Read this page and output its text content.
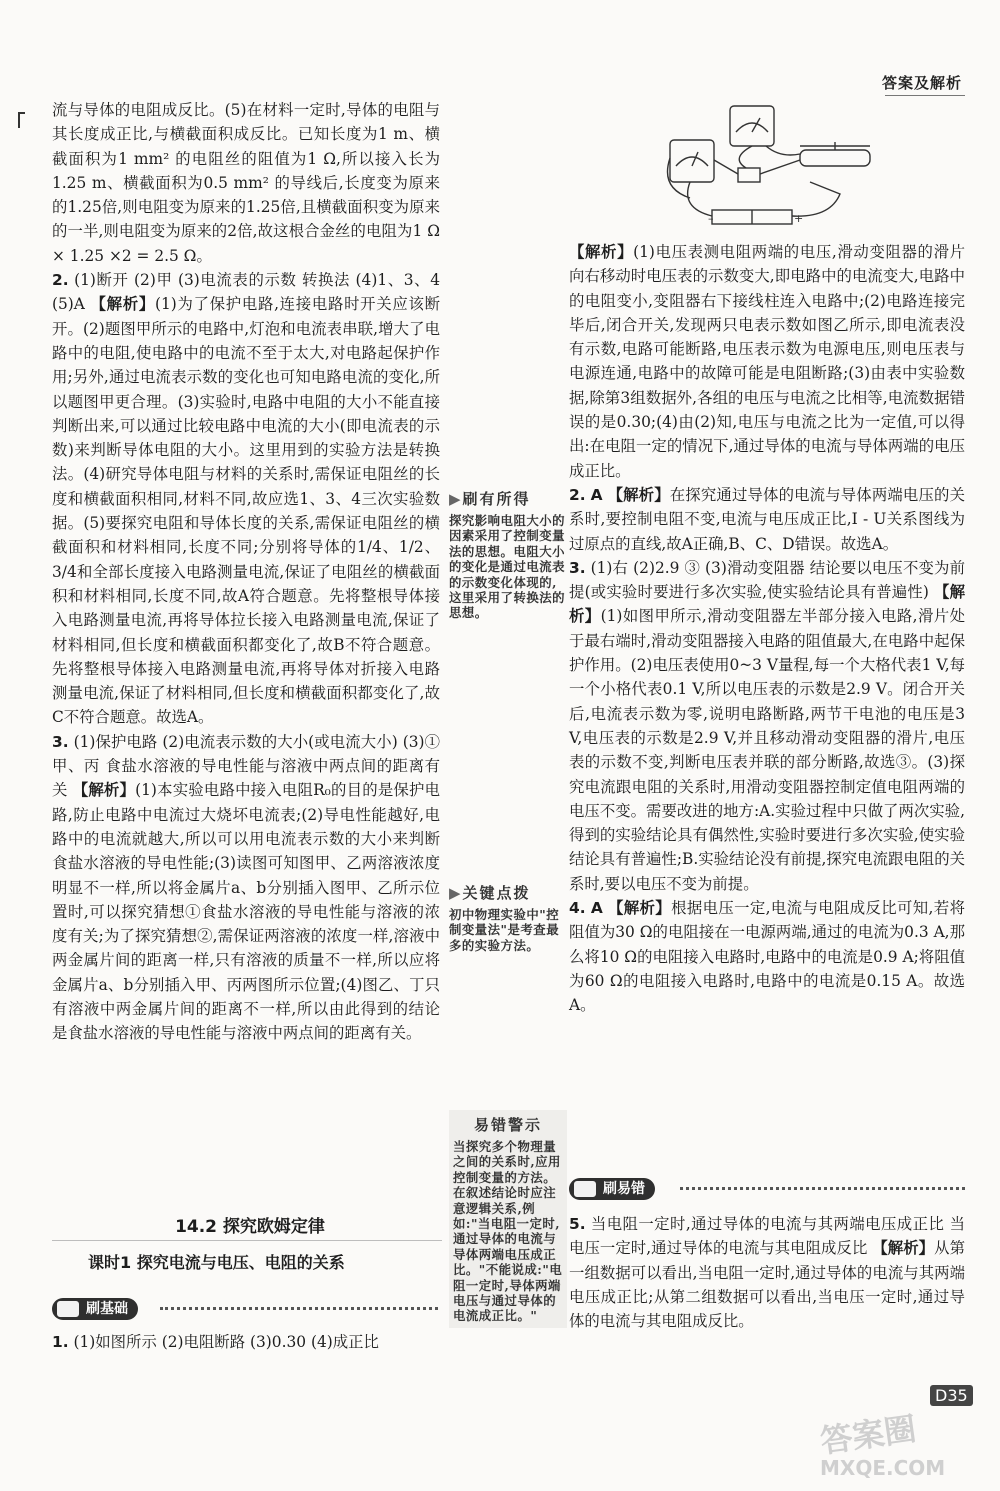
答案及解析

流与导体的电阻成反比。(5)在材料一定时,导体的电阻与其长度成正比,与横截面积成反比。已知长度为1 m、横截面积为1 mm² 的电阻丝的阻值为1 Ω,所以接入长为1.25 m、横截面积为0.5 mm² 的导线后,长度变为原来的1.25倍,则电阻变为原来的1.25倍,且横截面积变为原来的一半,则电阻变为原来的2倍,故这根合金丝的电阻为1 Ω × 1.25 ×2 = 2.5 Ω。

2. (1)断开 (2)甲 (3)电流表的示数 转换法 (4)1、3、4 (5)A 【解析】(1)为了保护电路,连接电路时开关应该断开。(2)题图甲所示的电路中,灯泡和电流表串联,增大了电路中的电阻,使电路中的电流不至于太大,对电路起保护作用;另外,通过电流表示数的变化也可知电路电流的变化,所以题图甲更合理。(3)实验时,电路中电阻的大小不能直接判断出来,可以通过比较电路中电流的大小(即电流表的示数)来判断导体电阻的大小。这里用到的实验方法是转换法。(4)研究导体电阻与材料的关系时,需保证电阻丝的长度和横截面积相同,材料不同,故应选1、3、4三次实验数据。(5)要探究电阻和导体长度的关系,需保证电阻丝的横截面积和材料相同,长度不同;分别将导体的1/4、1/2、3/4和全部长度接入电路测量电流,保证了电阻丝的横截面积和材料相同,长度不同,故A符合题意。先将整根导体接入电路测量电流,再将导体拉长接入电路测量电流,保证了材料相同,但长度和横截面积都变化了,故B不符合题意。先将整根导体接入电路测量电流,再将导体对折接入电路测量电流,保证了材料相同,但长度和横截面积都变化了,故C不符合题意。故选A。

3. (1)保护电路 (2)电流表示数的大小(或电流大小) (3)① 甲、丙 食盐水溶液的导电性能与溶液中两点间的距离有关 【解析】(1)本实验电路中接入电阻R₀的目的是保护电路,防止电路中电流过大烧坏电流表;(2)导电性能越好,电路中的电流就越大,所以可以用电流表示数的大小来判断食盐水溶液的导电性能;(3)读图可知图甲、乙两溶液浓度明显不一样,所以将金属片a、b分别插入图甲、乙所示位置时,可以探究猜想①食盐水溶液的导电性能与溶液的浓度有关;为了探究猜想②,需保证两溶液的浓度一样,溶液中两金属片间的距离一样,只有溶液的质量不一样,所以应将金属片a、b分别插入甲、丙两图所示位置;(4)图乙、丁只有溶液中两金属片间的距离不一样,所以由此得到的结论是食盐水溶液的导电性能与溶液中两点间的距离有关。

14.2 探究欧姆定律
课时1 探究电流与电压、电阻的关系
刷基础

1. (1)如图所示 (2)电阻断路 (3)0.30 (4)成正比

▶刷有所得
探究影响电阻大小的因素采用了控制变量法的思想。电阻大小的变化是通过电流表的示数变化体现的,这里采用了转换法的思想。
▶关键点拨
初中物理实验中"控制变量法"是考查最多的实验方法。
易错警示
当探究多个物理量之间的关系时,应用控制变量的方法。在叙述结论时应注意逻辑关系,例如:"当电阻一定时,通过导体的电流与导体两端电压成正比。"不能说成:"电阻一定时,导体两端电压与通过导体的电流成正比。"
–	+

【解析】(1)电压表测电阻两端的电压,滑动变阻器的滑片向右移动时电压表的示数变大,即电路中的电流变大,电路中的电阻变小,变阻器右下接线柱连入电路中;(2)电路连接完毕后,闭合开关,发现两只电表示数如图乙所示,即电流表没有示数,电路可能断路,电压表示数为电源电压,则电压表与电源连通,电路中的故障可能是电阻断路;(3)由表中实验数据,除第3组数据外,各组的电压与电流之比相等,电流数据错误的是0.30;(4)由(2)知,电压与电流之比为一定值,可以得出:在电阻一定的情况下,通过导体的电流与导体两端的电压成正比。

2. A 【解析】在探究通过导体的电流与导体两端电压的关系时,要控制电阻不变,电流与电压成正比,I - U关系图线为过原点的直线,故A正确,B、C、D错误。故选A。

3. (1)右 (2)2.9 ③ (3)滑动变阻器 结论要以电压不变为前提(或实验时要进行多次实验,使实验结论具有普遍性) 【解析】(1)如图甲所示,滑动变阻器左半部分接入电路,滑片处于最右端时,滑动变阻器接入电路的阻值最大,在电路中起保护作用。(2)电压表使用0~3 V量程,每一个大格代表1 V,每一个小格代表0.1 V,所以电压表的示数是2.9 V。闭合开关后,电流表示数为零,说明电路断路,两节干电池的电压是3 V,电压表的示数是2.9 V,并且移动滑动变阻器的滑片,电压表的示数不变,判断电压表并联的部分断路,故选③。(3)探究电流跟电阻的关系时,用滑动变阻器控制定值电阻两端的电压不变。需要改进的地方:A.实验过程中只做了两次实验,得到的实验结论具有偶然性,实验时要进行多次实验,使实验结论具有普遍性;B.实验结论没有前提,探究电流跟电阻的关系时,要以电压不变为前提。

4. A 【解析】根据电压一定,电流与电阻成反比可知,若将阻值为30 Ω的电阻接在一电源两端,通过的电流为0.3 A,那么将10 Ω的电阻接入电路时,电路中的电流是0.9 A;将阻值为60 Ω的电阻接入电路时,电路中的电流是0.15 A。故选A。

刷易错

5. 当电阻一定时,通过导体的电流与其两端电压成正比 当电压一定时,通过导体的电流与其电阻成反比 【解析】从第一组数据可以看出,当电阻一定时,通过导体的电流与其两端电压成正比;从第二组数据可以看出,当电压一定时,通过导体的电流与其电阻成反比。

D35
答案圈
MXQE.COM
